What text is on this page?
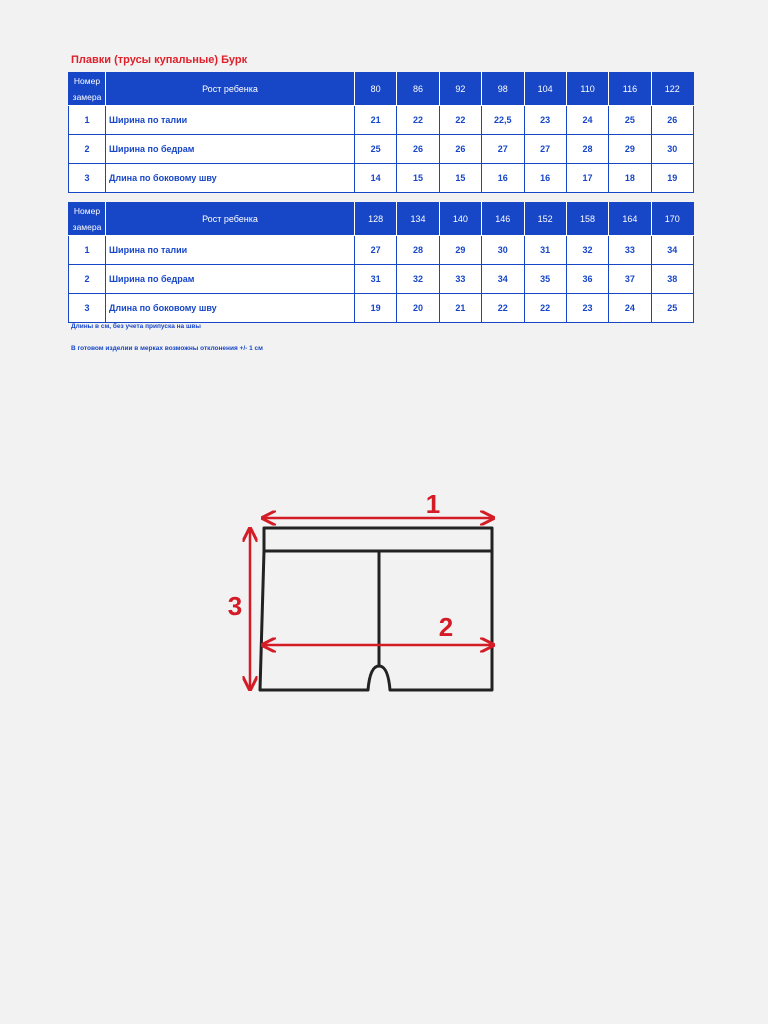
Плавки (трусы купальные) Бурк
Номер замера	Рост ребенка	80	86	92	98	104	110	116	122
1	Ширина по талии	21	22	22	22,5	23	24	25	26
2	Ширина по бедрам	25	26	26	27	27	28	29	30
3	Длина по боковому шву	14	15	15	16	16	17	18	19
Номер замера	Рост ребенка	128	134	140	146	152	158	164	170
1	Ширина по талии	27	28	29	30	31	32	33	34
2	Ширина по бедрам	31	32	33	34	35	36	37	38
3	Длина по боковому шву	19	20	21	22	22	23	24	25
Длины в см, без учета припуска на швы
В готовом изделии в мерках возможны отклонения +/- 1 см
1
2
3
